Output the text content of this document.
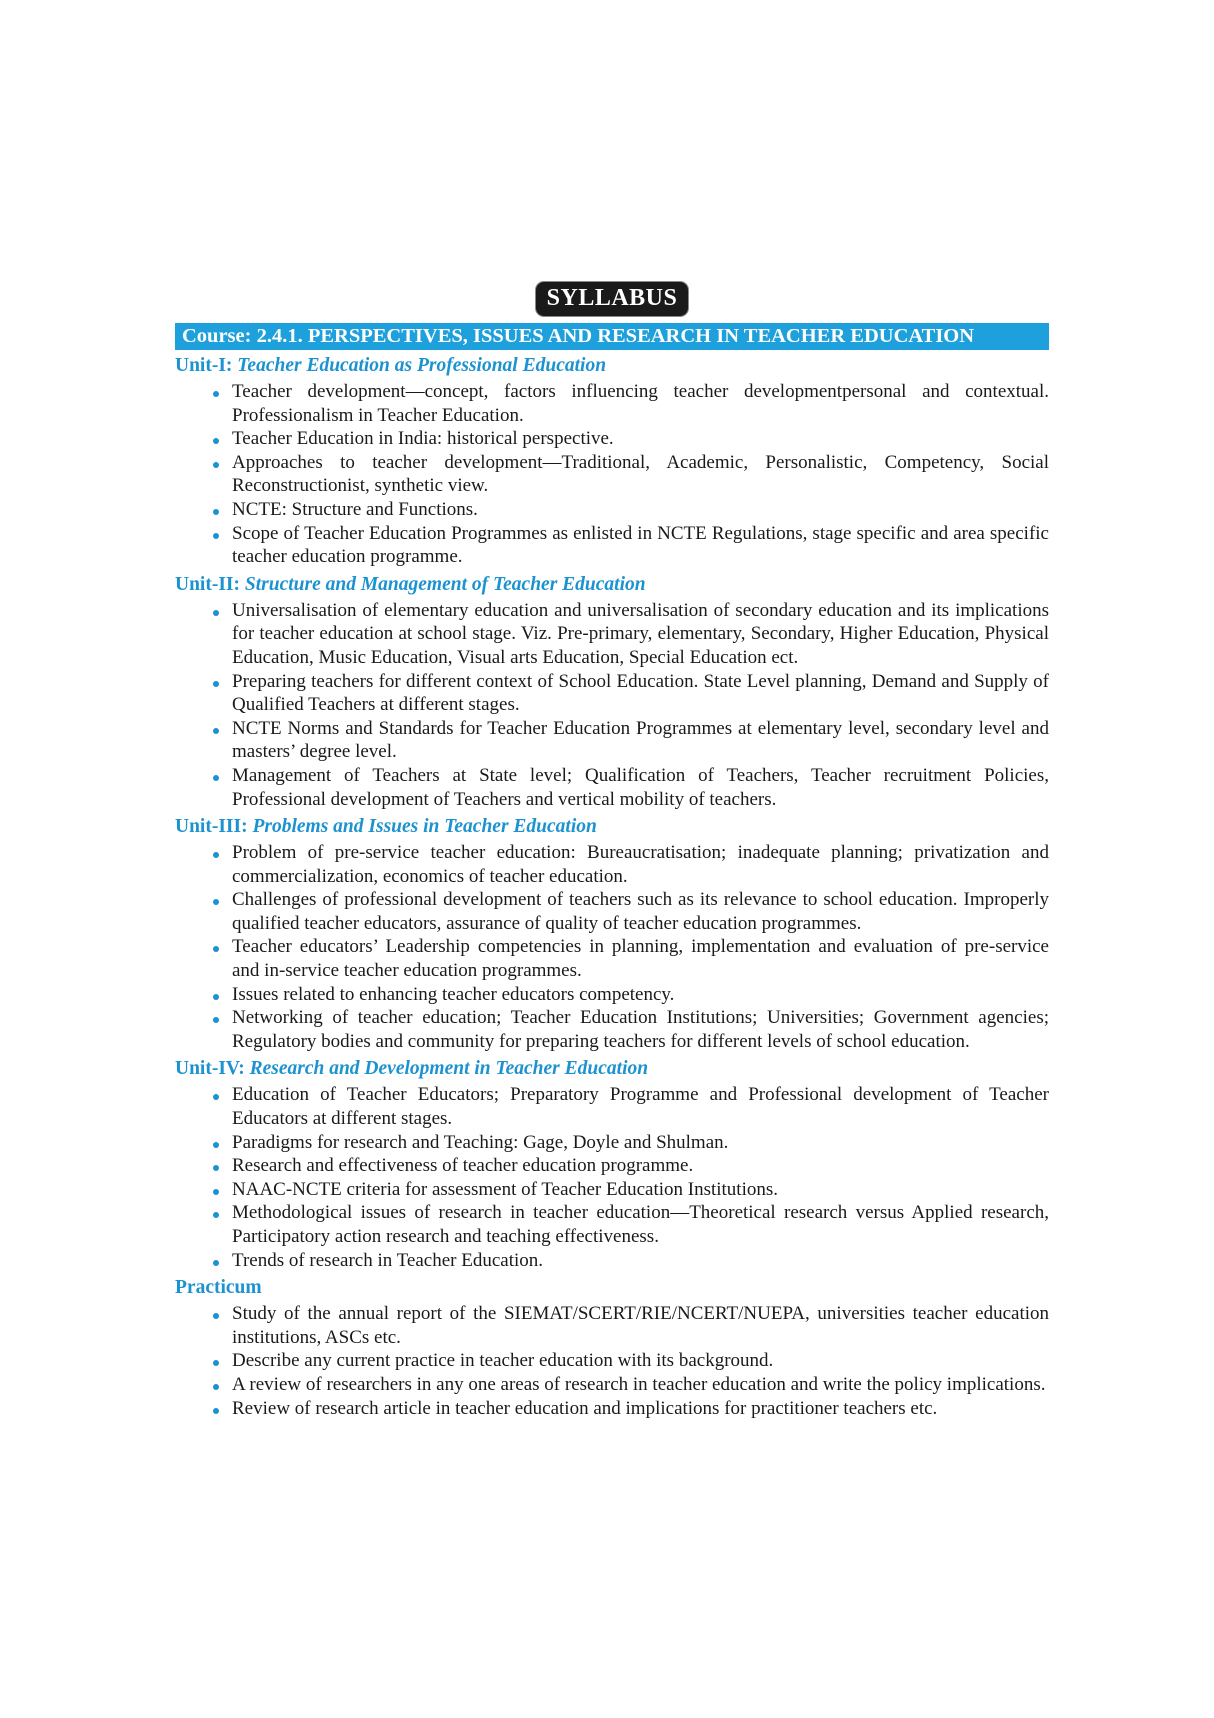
SYLLABUS
Course: 2.4.1. PERSPECTIVES, ISSUES AND RESEARCH IN TEACHER EDUCATION
Unit-I: Teacher Education as Professional Education
Teacher development—concept, factors influencing teacher developmentpersonal and contextual. Professionalism in Teacher Education.
Teacher Education in India: historical perspective.
Approaches to teacher development—Traditional, Academic, Personalistic, Competency, Social Reconstructionist, synthetic view.
NCTE: Structure and Functions.
Scope of Teacher Education Programmes as enlisted in NCTE Regulations, stage specific and area specific teacher education programme.
Unit-II: Structure and Management of Teacher Education
Universalisation of elementary education and universalisation of secondary education and its implications for teacher education at school stage. Viz. Pre-primary, elementary, Secondary, Higher Education, Physical Education, Music Education, Visual arts Education, Special Education ect.
Preparing teachers for different context of School Education. State Level planning, Demand and Supply of Qualified Teachers at different stages.
NCTE Norms and Standards for Teacher Education Programmes at elementary level, secondary level and masters’ degree level.
Management of Teachers at State level; Qualification of Teachers, Teacher recruitment Policies, Professional development of Teachers and vertical mobility of teachers.
Unit-III: Problems and Issues in Teacher Education
Problem of pre-service teacher education: Bureaucratisation; inadequate planning; privatization and commercialization, economics of teacher education.
Challenges of professional development of teachers such as its relevance to school education. Improperly qualified teacher educators, assurance of quality of teacher education programmes.
Teacher educators’ Leadership competencies in planning, implementation and evaluation of pre-service and in-service teacher education programmes.
Issues related to enhancing teacher educators competency.
Networking of teacher education; Teacher Education Institutions; Universities; Government agencies; Regulatory bodies and community for preparing teachers for different levels of school education.
Unit-IV: Research and Development in Teacher Education
Education of Teacher Educators; Preparatory Programme and Professional development of Teacher Educators at different stages.
Paradigms for research and Teaching: Gage, Doyle and Shulman.
Research and effectiveness of teacher education programme.
NAAC-NCTE criteria for assessment of Teacher Education Institutions.
Methodological issues of research in teacher education—Theoretical research versus Applied research, Participatory action research and teaching effectiveness.
Trends of research in Teacher Education.
Practicum
Study of the annual report of the SIEMAT/SCERT/RIE/NCERT/NUEPA, universities teacher education institutions, ASCs etc.
Describe any current practice in teacher education with its background.
A review of researchers in any one areas of research in teacher education and write the policy implications.
Review of research article in teacher education and implications for practitioner teachers etc.
